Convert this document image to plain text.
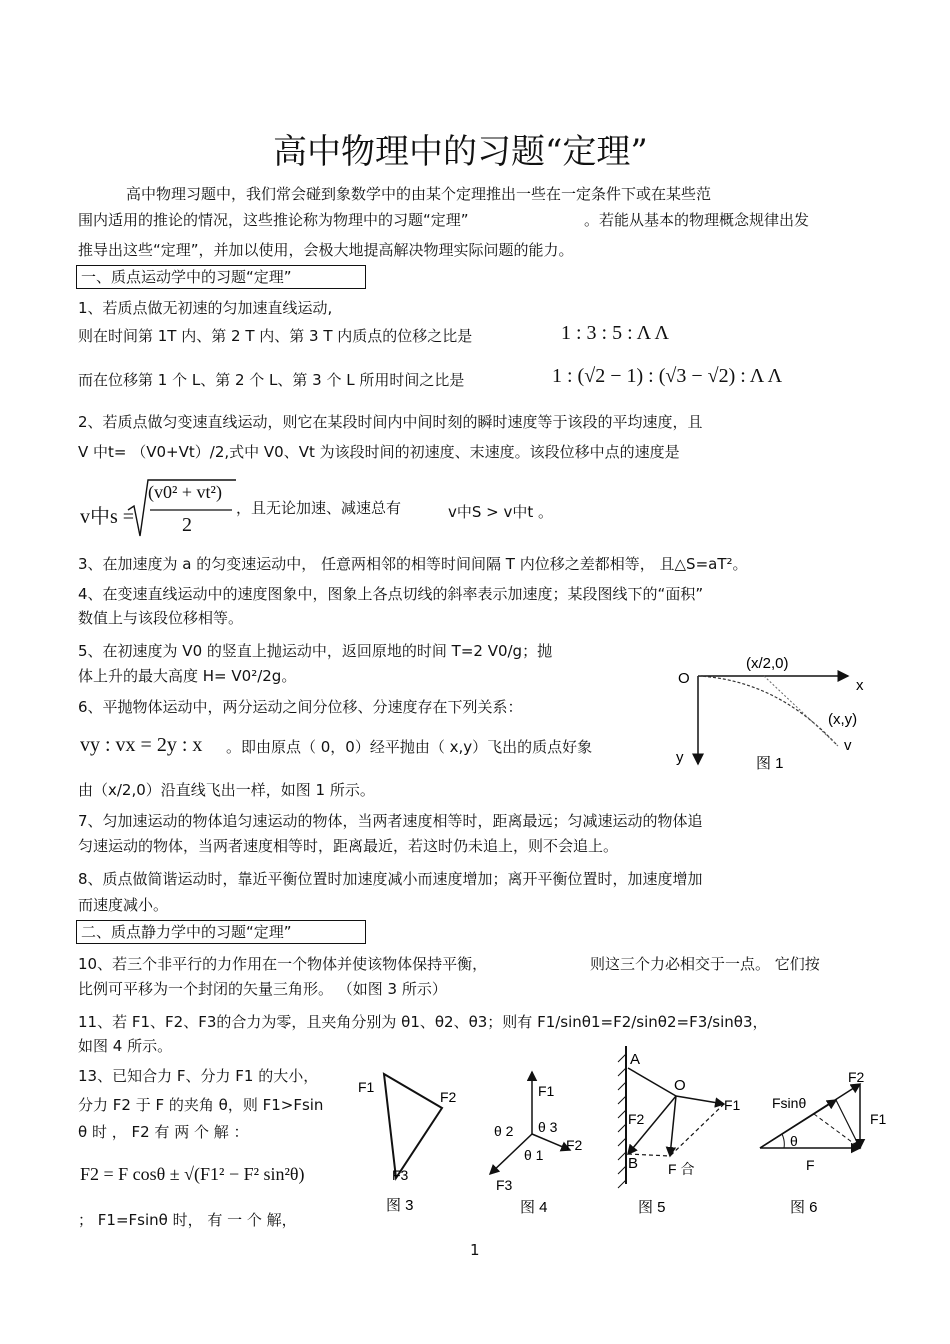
高中物理中的习题“定理”
高中物理习题中，我们常会碰到象数学中的由某个定理推出一些在一定条件下或在某些范
围内适用的推论的情况，这些推论称为物理中的习题“定理”	。若能从基本的物理概念规律出发
推导出这些“定理”，并加以使用，会极大地提高解决物理实际问题的能力。
一、质点运动学中的习题“定理”
1、若质点做无初速的匀加速直线运动,
则在时间第 1T 内、第 2 T 内、第 3 T 内质点的位移之比是	1 : 3 : 5 : Λ Λ
而在位移第 1 个 L、第 2 个 L、第 3 个 L 所用时间之比是	1 : (√2 − 1) : (√3 − √2) : Λ Λ
2、若质点做匀变速直线运动，则它在某段时间内中间时刻的瞬时速度等于该段的平均速度，且
V 中t= （V0+Vt）/2,式中 V0、Vt 为该段时间的初速度、末速度。该段位移中点的速度是
v中s =
(v0² + vt²)
2
，且无论加速、减速总有	v中S > v中t 。
3、在加速度为 a 的匀变速运动中， 任意两相邻的相等时间间隔 T 内位移之差都相等， 且△S=aT²。
4、在变速直线运动中的速度图象中，图象上各点切线的斜率表示加速度；某段图线下的“面积”
数值上与该段位移相等。
5、在初速度为 V0 的竖直上抛运动中，返回原地的时间 T=2 V0/g；抛
体上升的最大高度 H= V0²/2g。
6、平抛物体运动中，两分运动之间分位移、分速度存在下列关系：
vy : vx = 2y : x 。即由原点（ 0，0）经平抛由（ x,y）飞出的质点好象
由（x/2,0）沿直线飞出一样，如图 1 所示。
O
(x/2,0)
x
(x,y)
v
y	图 1
7、匀加速运动的物体追匀速运动的物体，当两者速度相等时，距离最远；匀减速运动的物体追
匀速运动的物体，当两者速度相等时，距离最近，若这时仍未追上，则不会追上。
8、质点做简谐运动时，靠近平衡位置时加速度减小而速度增加；离开平衡位置时，加速度增加
而速度减小。
二、质点静力学中的习题“定理”
10、若三个非平行的力作用在一个物体并使该物体保持平衡，	则这三个力必相交于一点。 它们按
比例可平移为一个封闭的矢量三角形。 （如图 3 所示）
11、若 F1、F2、F3的合力为零，且夹角分别为 θ1、θ2、θ3；则有 F1/sinθ1=F2/sinθ2=F3/sinθ3，
如图 4 所示。
13、已知合力 F、分力 F1 的大小，
分力 F2 于 F 的夹角 θ，则 F1>Fsin
θ 时 ， F2 有 两 个 解 ：
F2 = F cosθ ± √(F1² − F² sin²θ)
； F1=Fsinθ 时， 有 一 个 解，
F1
F2
F3
图 3
F1
F2
F3
θ 2 θ 3
θ 1
图 4
A
O
F1
F2
B F 合
图 5
F2
Fsinθ
F1
θ
F
图 6
1
